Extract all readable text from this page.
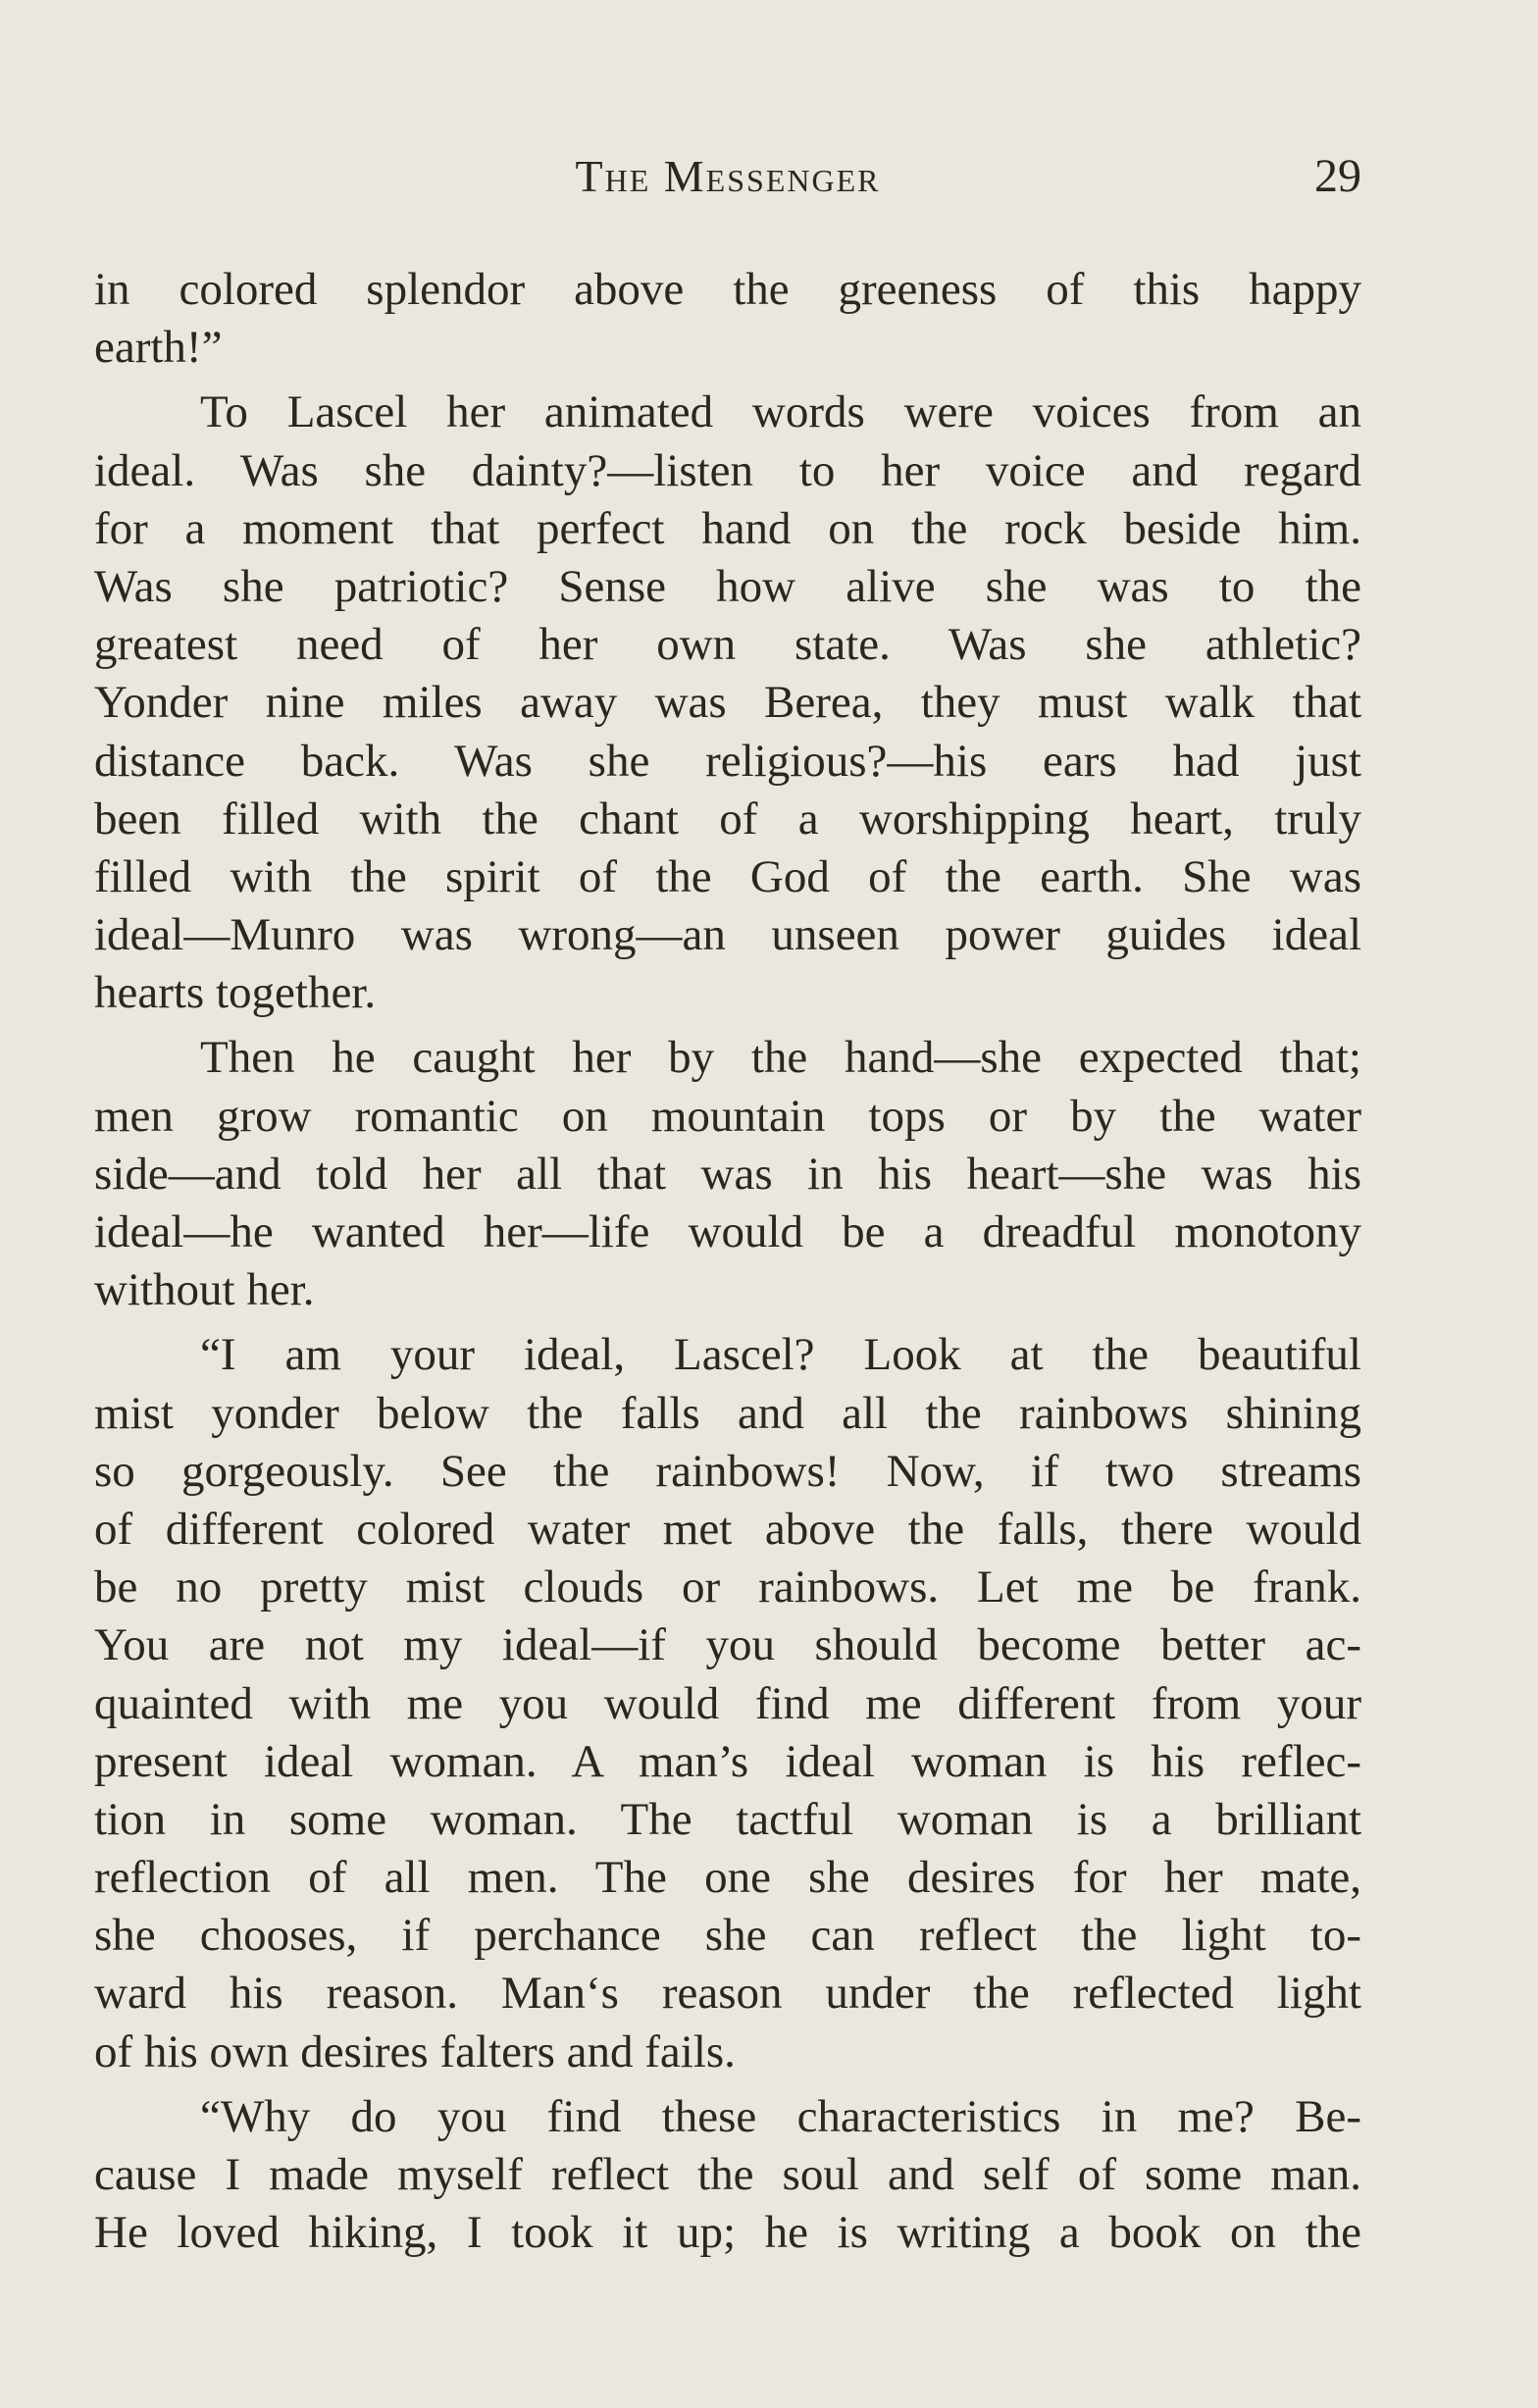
The Messenger	29
in colored splendor above the greeness of this happy
earth!”
To Lascel her animated words were voices from an
ideal. Was she dainty?—listen to her voice and regard
for a moment that perfect hand on the rock beside him.
Was she patriotic? Sense how alive she was to the
greatest need of her own state. Was she athletic?
Yonder nine miles away was Berea, they must walk that
distance back. Was she religious?—his ears had just
been filled with the chant of a worshipping heart, truly
filled with the spirit of the God of the earth. She was
ideal—Munro was wrong—an unseen power guides ideal
hearts together.
Then he caught her by the hand—she expected that;
men grow romantic on mountain tops or by the water
side—and told her all that was in his heart—she was his
ideal—he wanted her—life would be a dreadful monotony
without her.
“I am your ideal, Lascel? Look at the beautiful
mist yonder below the falls and all the rainbows shining
so gorgeously. See the rainbows! Now, if two streams
of different colored water met above the falls, there would
be no pretty mist clouds or rainbows. Let me be frank.
You are not my ideal—if you should become better ac-
quainted with me you would find me different from your
present ideal woman. A man’s ideal woman is his reflec-
tion in some woman. The tactful woman is a brilliant
reflection of all men. The one she desires for her mate,
she chooses, if perchance she can reflect the light to-
ward his reason. Man‘s reason under the reflected light
of his own desires falters and fails.
“Why do you find these characteristics in me? Be-
cause I made myself reflect the soul and self of some man.
He loved hiking, I took it up; he is writing a book on the
